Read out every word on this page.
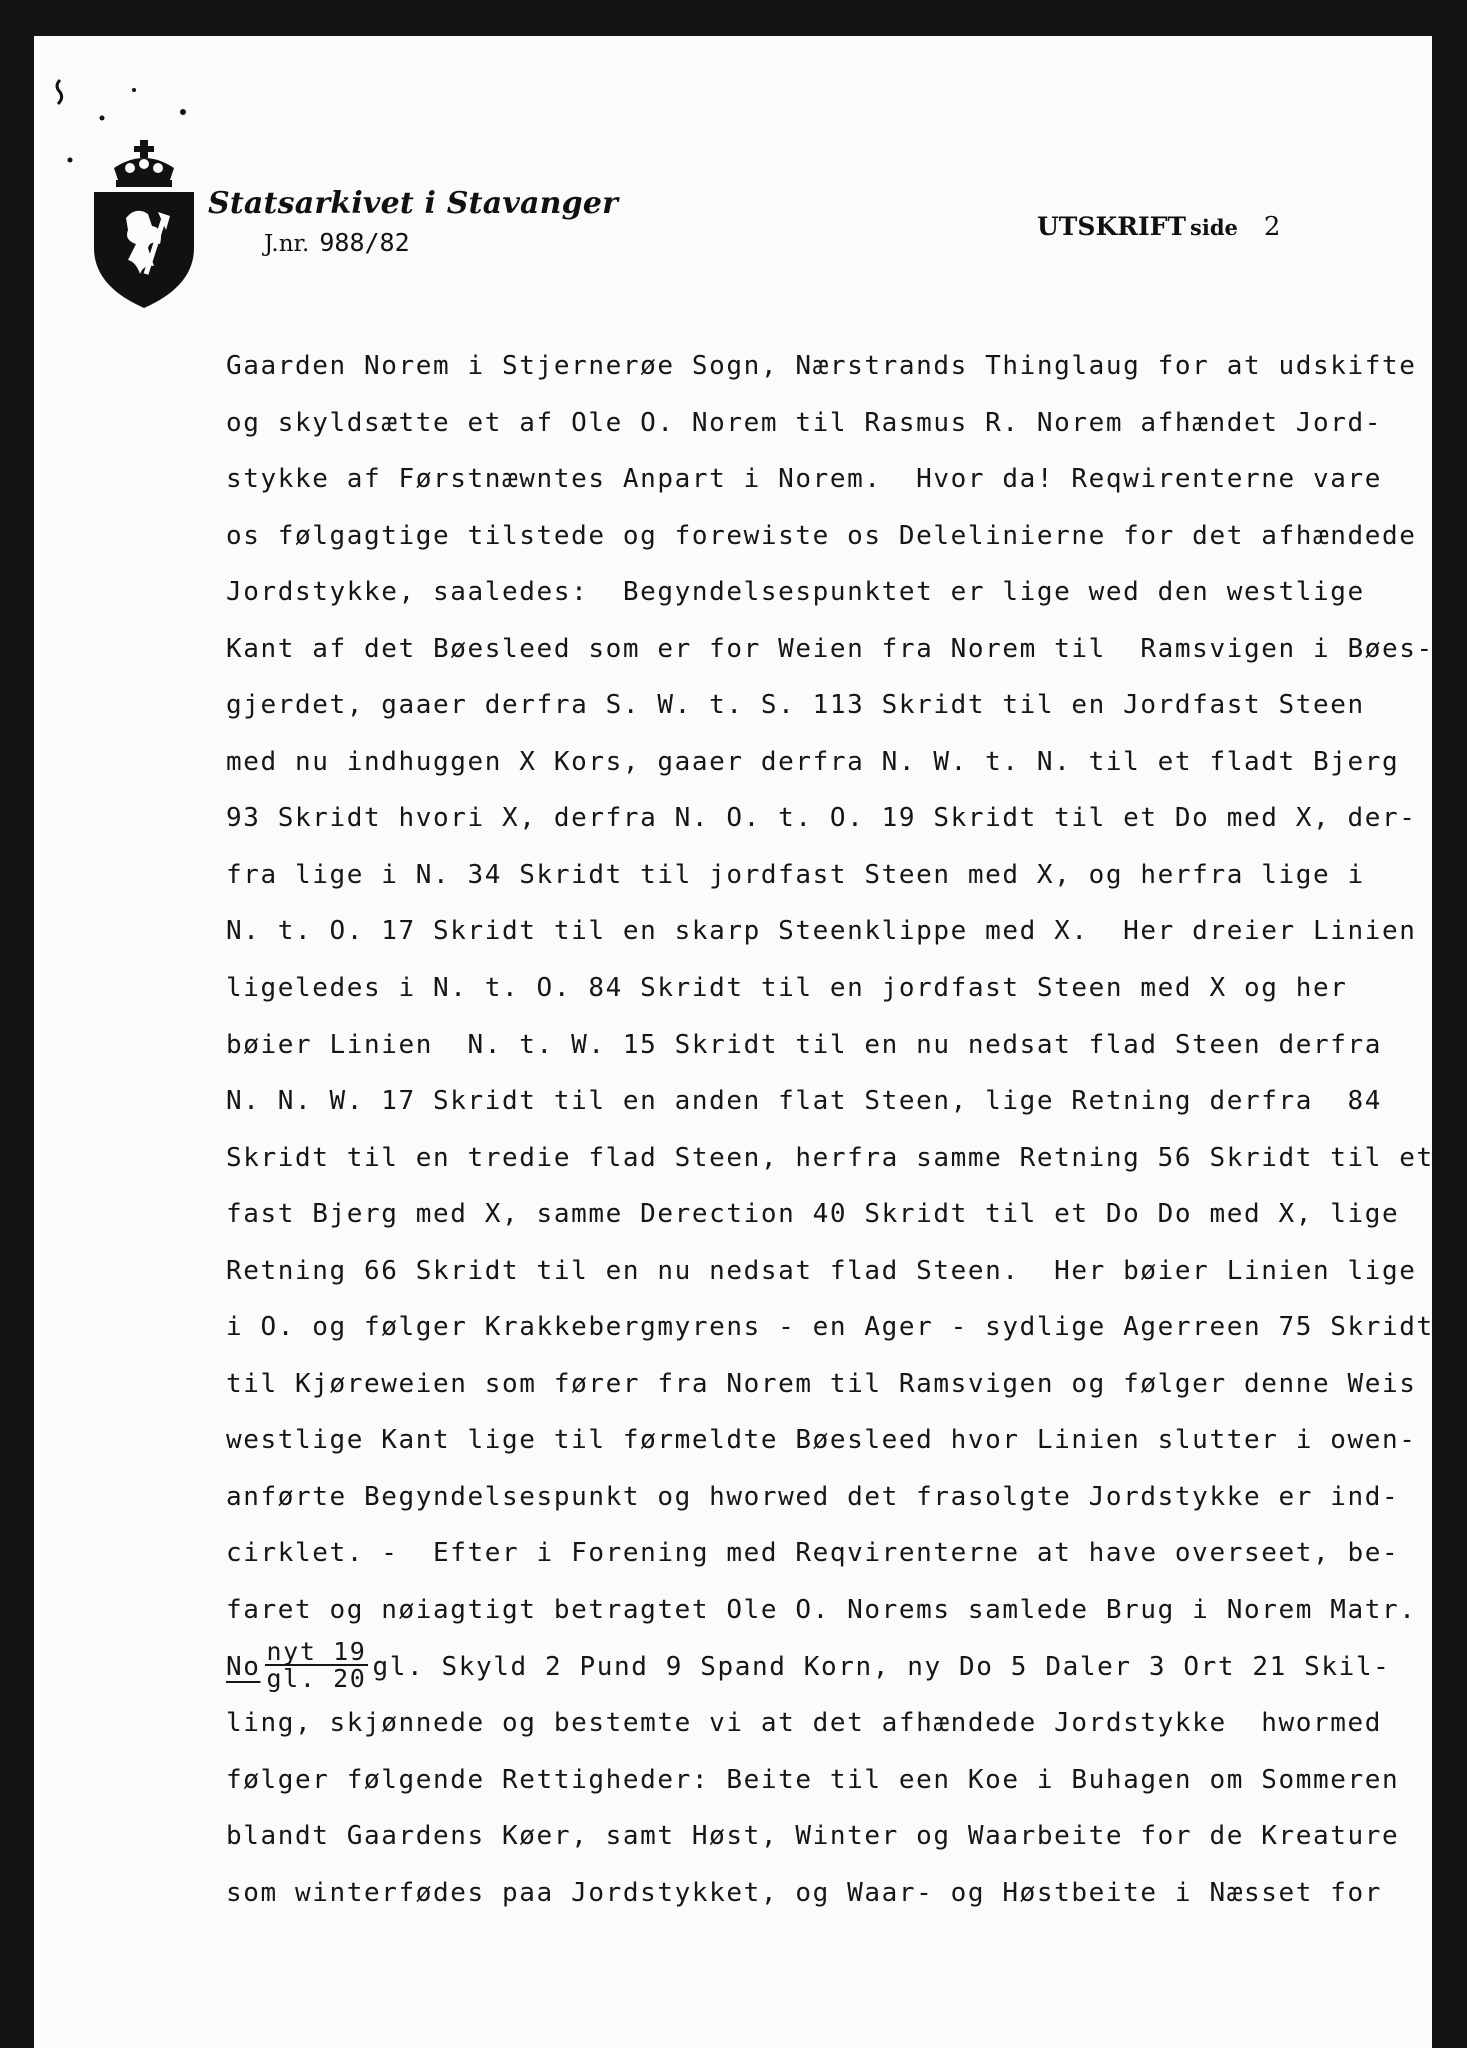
Statsarkivet i Stavanger
J.nr. 988/82
UTSKRIFT side 2
Gaarden Norem i Stjernerøe Sogn, Nærstrands Thinglaug for at udskifte
og skyldsætte et af Ole O. Norem til Rasmus R. Norem afhændet Jord-
stykke af Førstnæwntes Anpart i Norem.  Hvor da! Reqwirenterne vare
os følgagtige tilstede og forewiste os Delelinierne for det afhændede
Jordstykke, saaledes:  Begyndelsespunktet er lige wed den westlige
Kant af det Bøesleed som er for Weien fra Norem til  Ramsvigen i Bøes-
gjerdet, gaaer derfra S. W. t. S. 113 Skridt til en Jordfast Steen
med nu indhuggen X Kors, gaaer derfra N. W. t. N. til et fladt Bjerg
93 Skridt hvori X, derfra N. O. t. O. 19 Skridt til et Do med X, der-
fra lige i N. 34 Skridt til jordfast Steen med X, og herfra lige i
N. t. O. 17 Skridt til en skarp Steenklippe med X.  Her dreier Linien
ligeledes i N. t. O. 84 Skridt til en jordfast Steen med X og her
bøier Linien  N. t. W. 15 Skridt til en nu nedsat flad Steen derfra
N. N. W. 17 Skridt til en anden flat Steen, lige Retning derfra  84
Skridt til en tredie flad Steen, herfra samme Retning 56 Skridt til et
fast Bjerg med X, samme Derection 40 Skridt til et Do Do med X, lige
Retning 66 Skridt til en nu nedsat flad Steen.  Her bøier Linien lige
i O. og følger Krakkebergmyrens - en Ager - sydlige Agerreen 75 Skridt
til Kjøreweien som fører fra Norem til Ramsvigen og følger denne Weis
westlige Kant lige til førmeldte Bøesleed hvor Linien slutter i owen-
anførte Begyndelsespunkt og hworwed det frasolgte Jordstykke er ind-
cirklet. -  Efter i Forening med Reqvirenterne at have overseet, be-
faret og nøiagtigt betragtet Ole O. Norems samlede Brug i Norem Matr.
No $\frac{\text{nyt 19}}{gl. 20}$ gl. Skyld 2 Pund 9 Spand Korn, ny Do 5 Daler 3 Ort 21 Skil-
ling, skjønnede og bestemte vi at det afhændede Jordstykke  hwormed
følger følgende Rettigheder: Beite til een Koe i Buhagen om Sommeren
blandt Gaardens Køer, samt Høst, Winter og Waarbeite for de Kreature
som winterfødes paa Jordstykket, og Waar- og Høstbeite i Næsset for
